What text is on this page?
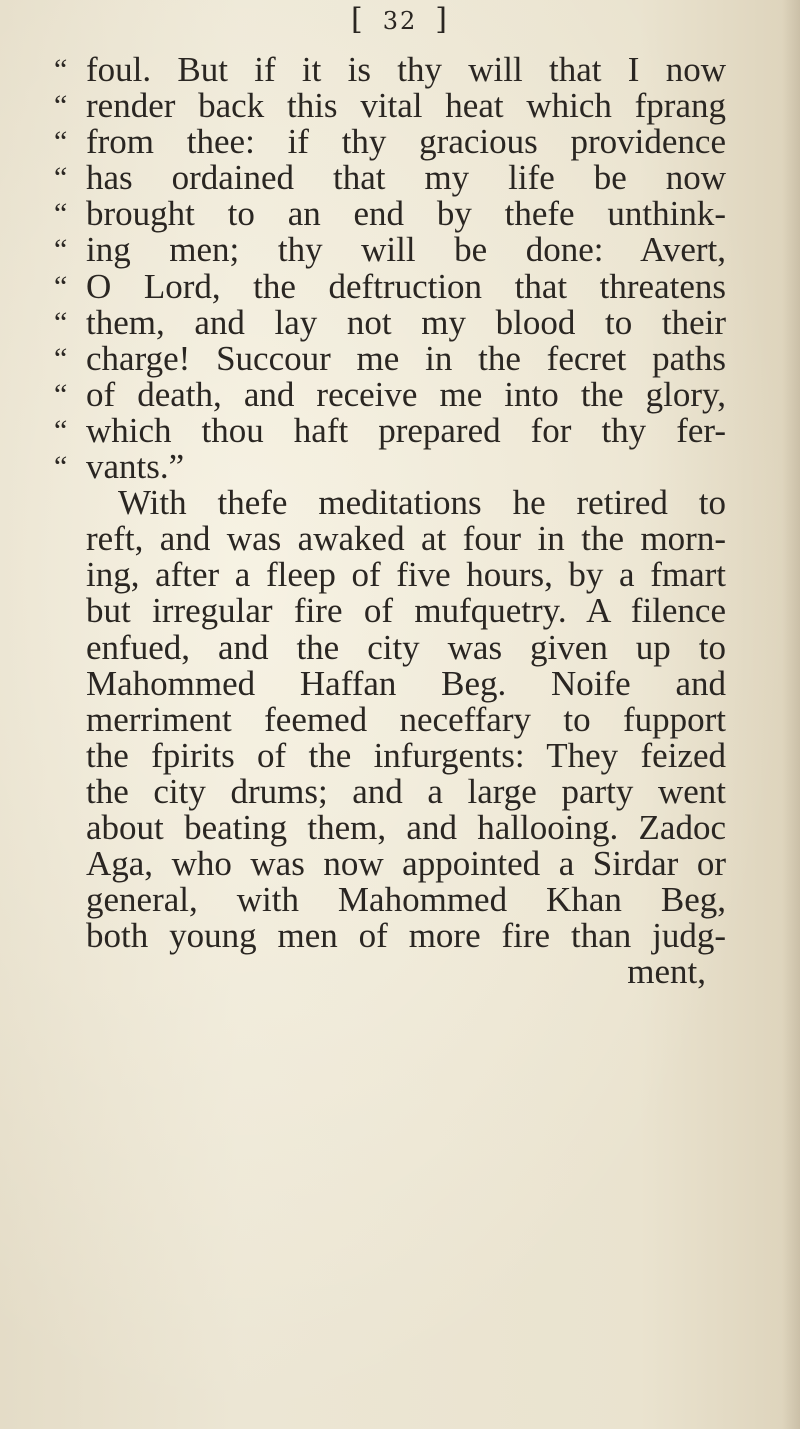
[ 32 ]
“ foul. But if it is thy will that I now
“ render back this vital heat which fprang
“ from thee: if thy gracious providence
“ has ordained that my life be now
“ brought to an end by thefe unthink-
“ ing men; thy will be done: Avert,
“ O Lord, the deftruction that threatens
“ them, and lay not my blood to their
“ charge! Succour me in the fecret paths
“ of death, and receive me into the glory,
“ which thou haft prepared for thy fer-
“ vants.”
With thefe meditations he retired to
reft, and was awaked at four in the morn-
ing, after a fleep of five hours, by a fmart
but irregular fire of mufquetry. A filence
enfued, and the city was given up to
Mahommed Haffan Beg. Noife and
merriment feemed neceffary to fupport
the fpirits of the infurgents: They feized
the city drums; and a large party went
about beating them, and hallooing. Zadoc
Aga, who was now appointed a Sirdar or
general, with Mahommed Khan Beg,
both young men of more fire than judg-
ment,
